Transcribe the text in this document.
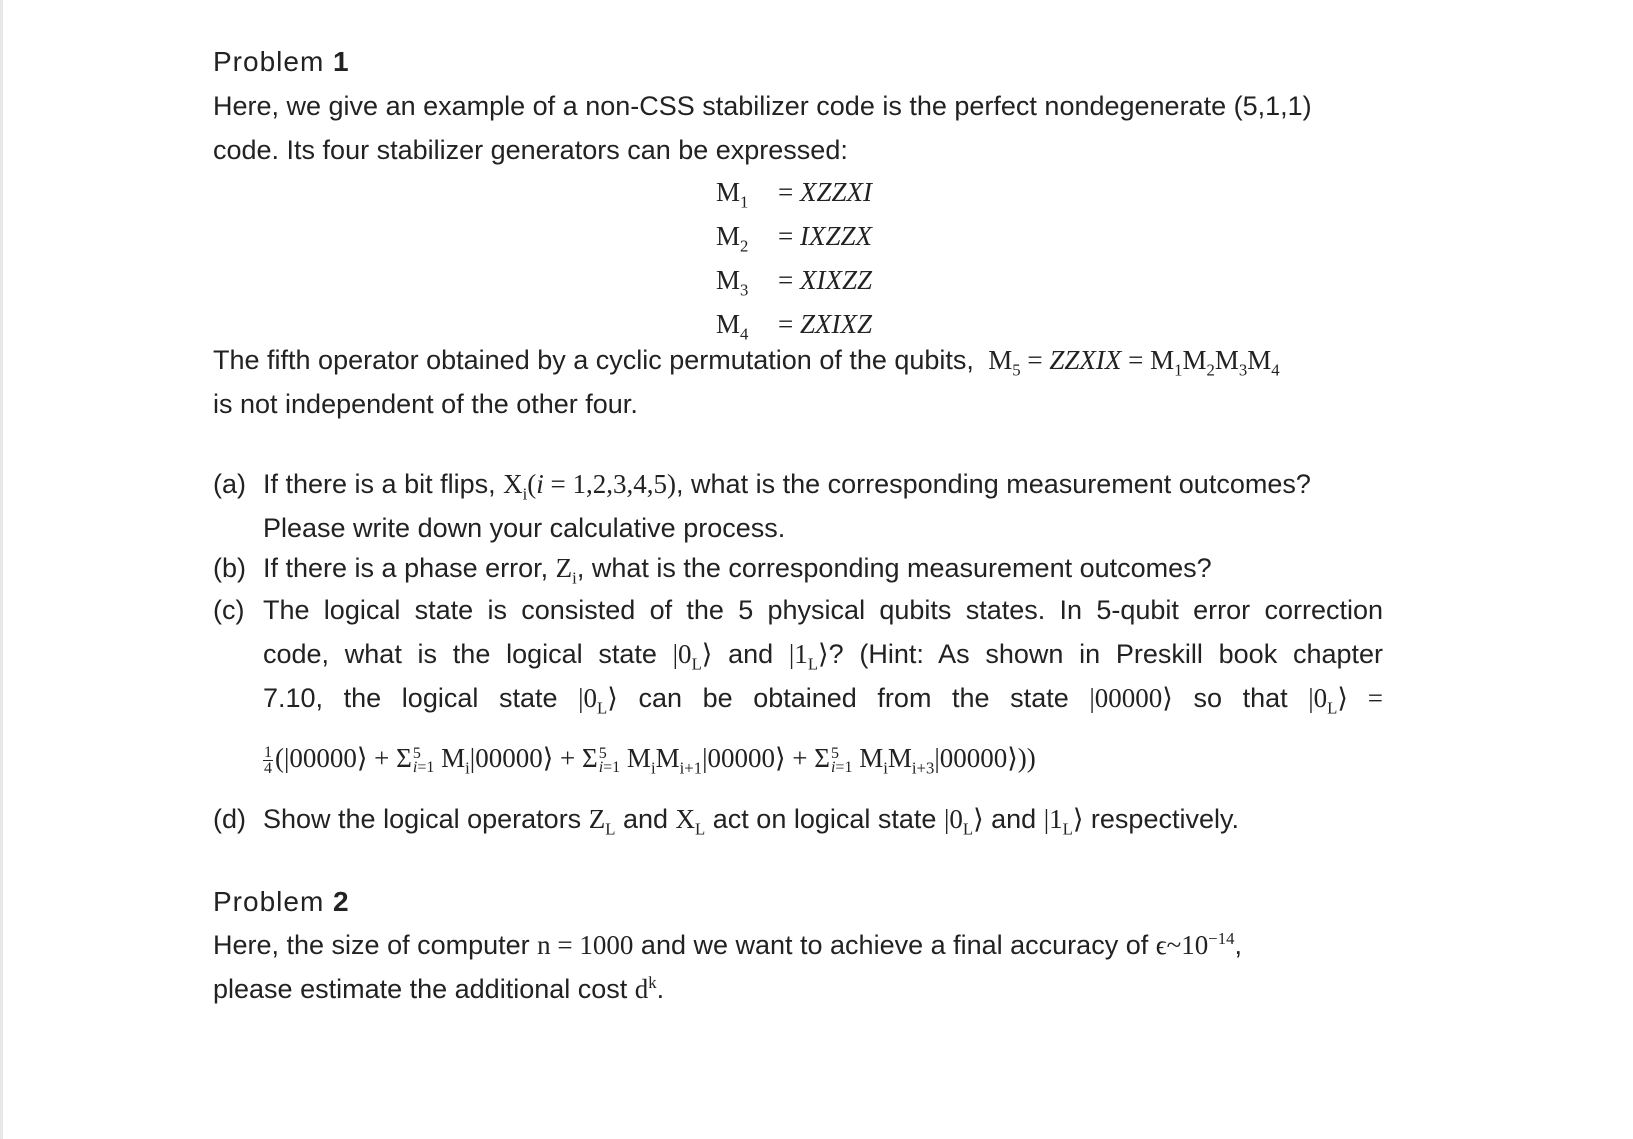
Problem 1
Here, we give an example of a non-CSS stabilizer code is the perfect nondegenerate (5,1,1)
code. Its four stabilizer generators can be expressed:
$M_1$ = XZZXI
$M_2$ = IXZZX
$M_3$ = XIXZZ
$M_4$ = ZXIXZ
The fifth operator obtained by a cyclic permutation of the qubits, $M_5$ = ZZXIX = $M_1M_2M_3M_4$
is not independent of the other four.
(a) If there is a bit flips, $X_i(i = 1,2,3,4,5)$, what is the corresponding measurement outcomes?
Please write down your calculative process.
(b) If there is a phase error, $Z_i$, what is the corresponding measurement outcomes?
(c) The logical state is consisted of the 5 physical qubits states. In 5-qubit error correction
code, what is the logical state $|0_L⟩$ and $|1_L⟩$? (Hint: As shown in Preskill book chapter
7.10, the logical state $|0_L⟩$ can be obtained from the state |00000⟩ so that $|0_L⟩$ =
$\frac{1}{4}$ (|00000⟩ + Σ 5
i=1 $M_i|00000⟩ + \Sigma$ 5
i=1 $M_iM_{i+1}|00000⟩ + \Sigma$ 5
i=1 $M_iM_{i+3}|00000⟩$))
(d) Show the logical operators $Z_L$ and $X_L$ act on logical state $|0_L⟩$ and $|1_L⟩$ respectively.
Problem 2
Here, the size of computer n = 1000 and we want to achieve a final accuracy of $\epsilon\sim 10^{-14}$,
please estimate the additional cost $d^k$.
